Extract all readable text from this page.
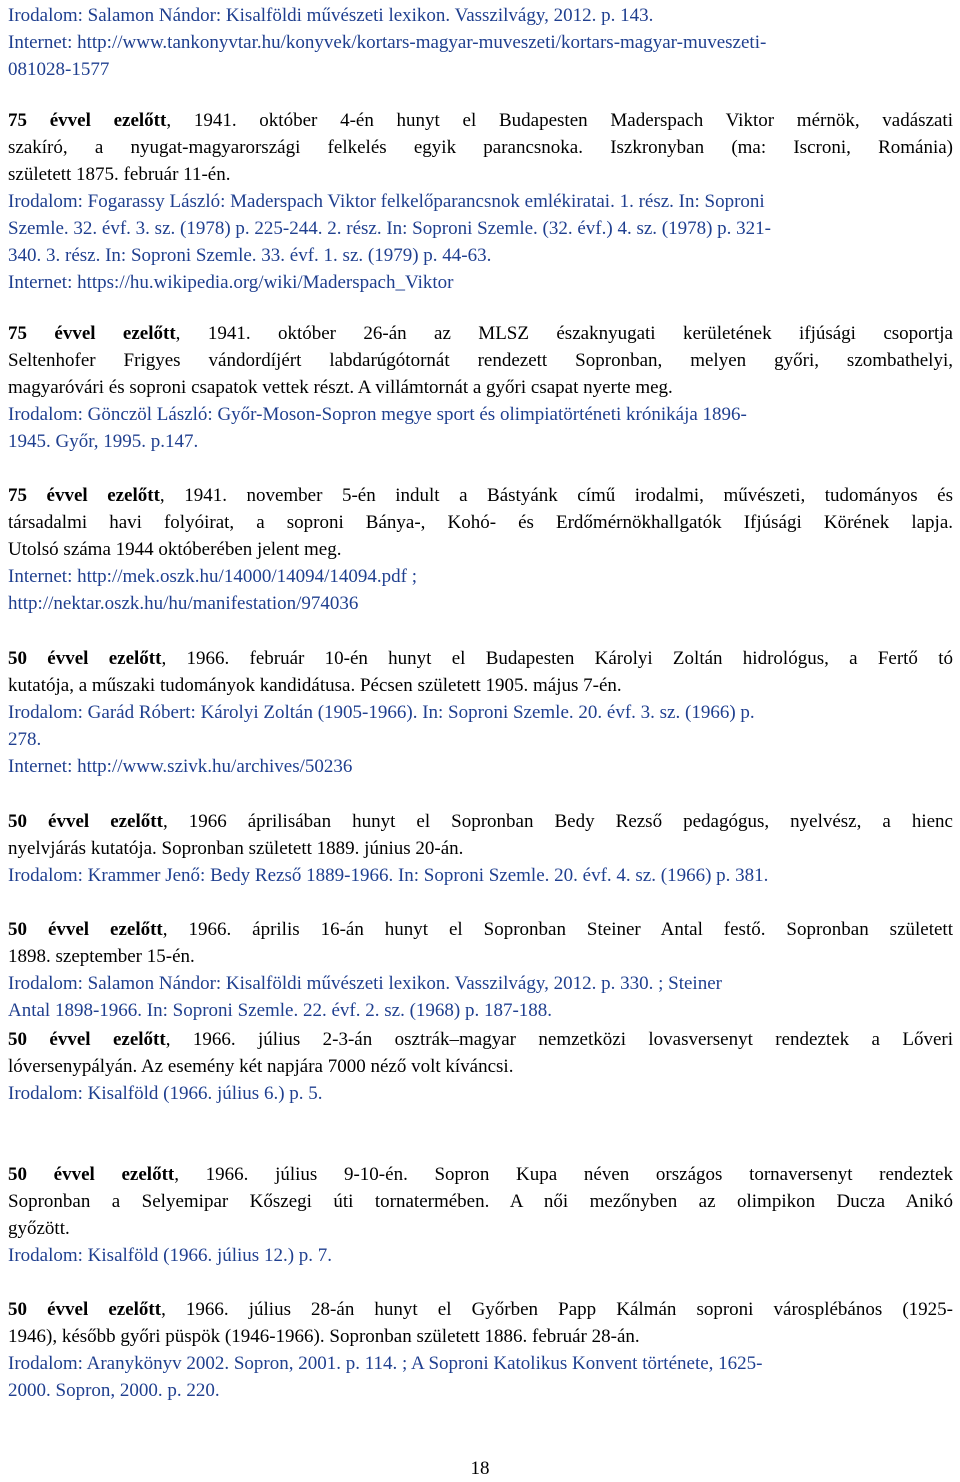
Irodalom: Salamon Nándor: Kisalföldi művészeti lexikon. Vasszilvágy, 2012. p. 143.
Internet: http://www.tankonyvtar.hu/konyvek/kortars-magyar-muveszeti/kortars-magyar-muveszeti-
081028-1577
75 évvel ezelőtt, 1941. október 4-én hunyt el Budapesten Maderspach Viktor mérnök, vadászati
szakíró, a nyugat-magyarországi felkelés egyik parancsnoka. Iszkronyban (ma: Iscroni, Románia)
született 1875. február 11-én.
Irodalom: Fogarassy László: Maderspach Viktor felkelőparancsnok emlékiratai. 1. rész. In: Soproni
Szemle. 32. évf. 3. sz. (1978) p. 225-244. 2. rész. In: Soproni Szemle. (32. évf.) 4. sz. (1978) p. 321-
340. 3. rész. In: Soproni Szemle. 33. évf. 1. sz. (1979) p. 44-63.
Internet: https://hu.wikipedia.org/wiki/Maderspach_Viktor
75 évvel ezelőtt, 1941. október 26-án az MLSZ északnyugati kerületének ifjúsági csoportja
Seltenhofer Frigyes vándordíjért labdarúgótornát rendezett Sopronban, melyen győri, szombathelyi,
magyaróvári és soproni csapatok vettek részt. A villámtornát a győri csapat nyerte meg.
Irodalom: Gönczöl László: Győr-Moson-Sopron megye sport és olimpiatörténeti krónikája 1896-
1945. Győr, 1995. p.147.
75 évvel ezelőtt, 1941. november 5-én indult a Bástyánk című irodalmi, művészeti, tudományos és
társadalmi havi folyóirat, a soproni Bánya-, Kohó- és Erdőmérnökhallgatók Ifjúsági Körének lapja.
Utolsó száma 1944 októberében jelent meg.
Internet: http://mek.oszk.hu/14000/14094/14094.pdf ;
http://nektar.oszk.hu/hu/manifestation/974036
50 évvel ezelőtt, 1966. február 10-én hunyt el Budapesten Károlyi Zoltán hidrológus, a Fertő tó
kutatója, a műszaki tudományok kandidátusa. Pécsen született 1905. május 7-én.
Irodalom: Garád Róbert: Károlyi Zoltán (1905-1966). In: Soproni Szemle. 20. évf. 3. sz. (1966) p.
278.
Internet: http://www.szivk.hu/archives/50236
50 évvel ezelőtt, 1966 áprilisában hunyt el Sopronban Bedy Rezső pedagógus, nyelvész, a hienc
nyelvjárás kutatója. Sopronban született 1889. június 20-án.
Irodalom: Krammer Jenő: Bedy Rezső 1889-1966. In: Soproni Szemle. 20. évf. 4. sz. (1966) p. 381.
50 évvel ezelőtt, 1966. április 16-án hunyt el Sopronban Steiner Antal festő. Sopronban született
1898. szeptember 15-én.
Irodalom: Salamon Nándor: Kisalföldi művészeti lexikon. Vasszilvágy, 2012. p. 330. ; Steiner
Antal 1898-1966. In: Soproni Szemle. 22. évf. 2. sz. (1968) p. 187-188.
50 évvel ezelőtt, 1966. július 2-3-án osztrák–magyar nemzetközi lovasversenyt rendeztek a Lőveri
lóversenypályán. Az esemény két napjára 7000 néző volt kíváncsi.
Irodalom: Kisalföld (1966. július 6.) p. 5.
50 évvel ezelőtt, 1966. július 9-10-én. Sopron Kupa néven országos tornaversenyt rendeztek
Sopronban a Selyemipar Kőszegi úti tornatermében. A női mezőnyben az olimpikon Ducza Anikó
győzött.
Irodalom: Kisalföld (1966. július 12.) p. 7.
50 évvel ezelőtt, 1966. július 28-án hunyt el Győrben Papp Kálmán soproni városplébános (1925-
1946), később győri püspök (1946-1966). Sopronban született 1886. február 28-án.
Irodalom: Aranykönyv 2002. Sopron, 2001. p. 114. ; A Soproni Katolikus Konvent története, 1625-
2000. Sopron, 2000. p. 220.
18
